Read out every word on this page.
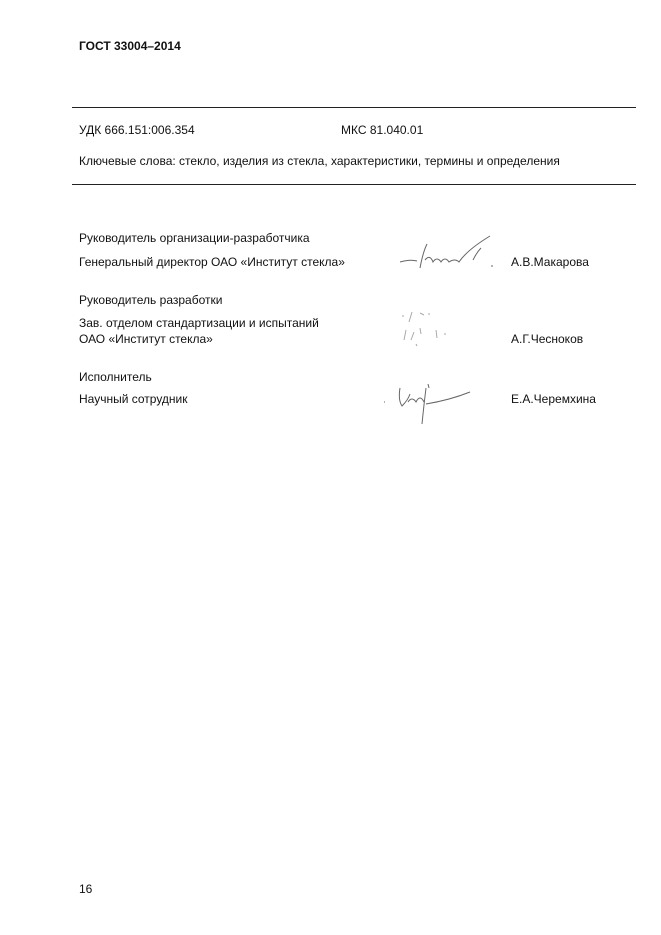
ГОСТ 33004–2014
УДК 666.151:006.354	МКС 81.040.01
Ключевые слова: стекло, изделия из стекла, характеристики, термины и определения
Руководитель организации-разработчика
Генеральный директор ОАО «Институт стекла»	А.В.Макарова
Руководитель разработки
Зав. отделом стандартизации и испытаний
ОАО «Институт стекла»	А.Г.Чесноков
Исполнитель
Научный сотрудник	Е.А.Черемхина
16
